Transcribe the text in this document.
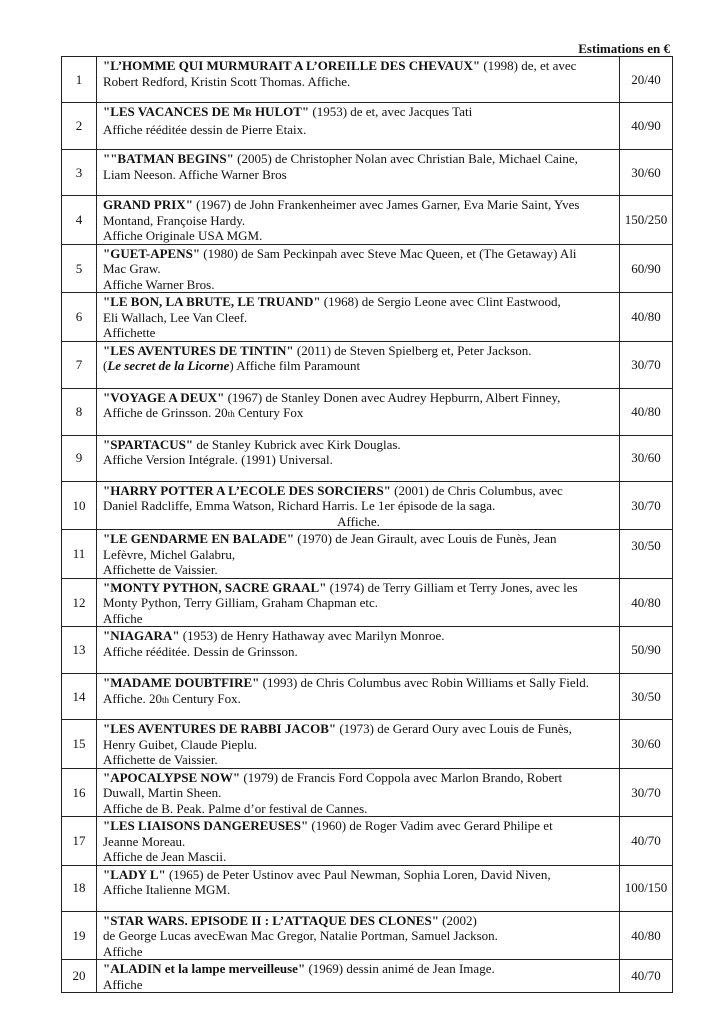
Estimations en €
1	"L’HOMME QUI MURMURAIT A L’OREILLE DES CHEVAUX" (1998) de, et avec
Robert Redford, Kristin Scott Thomas. Affiche.	20/40
2	"LES VACANCES DE MR HULOT" (1953) de et, avec Jacques Tati
Affiche rééditée dessin de Pierre Etaix.	40/90
3	""BATMAN BEGINS" (2005) de Christopher Nolan avec Christian Bale, Michael Caine,
Liam Neeson. Affiche Warner Bros	30/60
4	GRAND PRIX" (1967) de John Frankenheimer avec James Garner, Eva Marie Saint, Yves
Montand, Françoise Hardy.
Affiche Originale USA MGM.	150/250
5	"GUET-APENS" (1980) de Sam Peckinpah avec Steve Mac Queen, et (The Getaway) Ali
Mac Graw.
Affiche Warner Bros.	60/90
6	"LE BON, LA BRUTE, LE TRUAND" (1968) de Sergio Leone avec Clint Eastwood,
Eli Wallach, Lee Van Cleef.
Affichette	40/80
7	"LES AVENTURES DE TINTIN" (2011) de Steven Spielberg et, Peter Jackson.
(Le secret de la Licorne) Affiche film Paramount	30/70
8	"VOYAGE A DEUX" (1967) de Stanley Donen avec Audrey Hepburrn, Albert Finney,
Affiche de Grinsson. 20th Century Fox	40/80
9	"SPARTACUS" de Stanley Kubrick avec Kirk Douglas.
Affiche Version Intégrale. (1991) Universal.	30/60
10	"HARRY POTTER A L’ECOLE DES SORCIERS" (2001) de Chris Columbus, avec
Daniel Radcliffe, Emma Watson, Richard Harris. Le 1er épisode de la saga.

Affiche.	30/70
11	"LE GENDARME EN BALADE" (1970) de Jean Girault, avec Louis de Funès, Jean
Lefèvre, Michel Galabru,
Affichette de Vaissier.	30/50
12	"MONTY PYTHON, SACRE GRAAL" (1974) de Terry Gilliam et Terry Jones, avec les
Monty Python, Terry Gilliam, Graham Chapman etc.
Affiche	40/80
13	"NIAGARA" (1953) de Henry Hathaway avec Marilyn Monroe.
Affiche rééditée. Dessin de Grinsson.	50/90
14	"MADAME DOUBTFIRE" (1993) de Chris Columbus avec Robin Williams et Sally Field.
Affiche. 20th Century Fox.	30/50
15	"LES AVENTURES DE RABBI JACOB" (1973) de Gerard Oury avec Louis de Funès,
Henry Guibet, Claude Pieplu.
Affichette de Vaissier.	30/60
16	"APOCALYPSE NOW" (1979) de Francis Ford Coppola avec Marlon Brando, Robert
Duwall, Martin Sheen.
Affiche de B. Peak. Palme d’or festival de Cannes.	30/70
17	"LES LIAISONS DANGEREUSES" (1960) de Roger Vadim avec Gerard Philipe et
Jeanne Moreau.
Affiche de Jean Mascii.	40/70
18	"LADY L" (1965) de Peter Ustinov avec Paul Newman, Sophia Loren, David Niven,
Affiche Italienne MGM.	100/150
19	"STAR WARS. EPISODE II : L’ATTAQUE DES CLONES" (2002)
de George Lucas avecEwan Mac Gregor, Natalie Portman, Samuel Jackson.
Affiche	40/80
20	"ALADIN et la lampe merveilleuse" (1969) dessin animé de Jean Image.
Affiche	40/70
